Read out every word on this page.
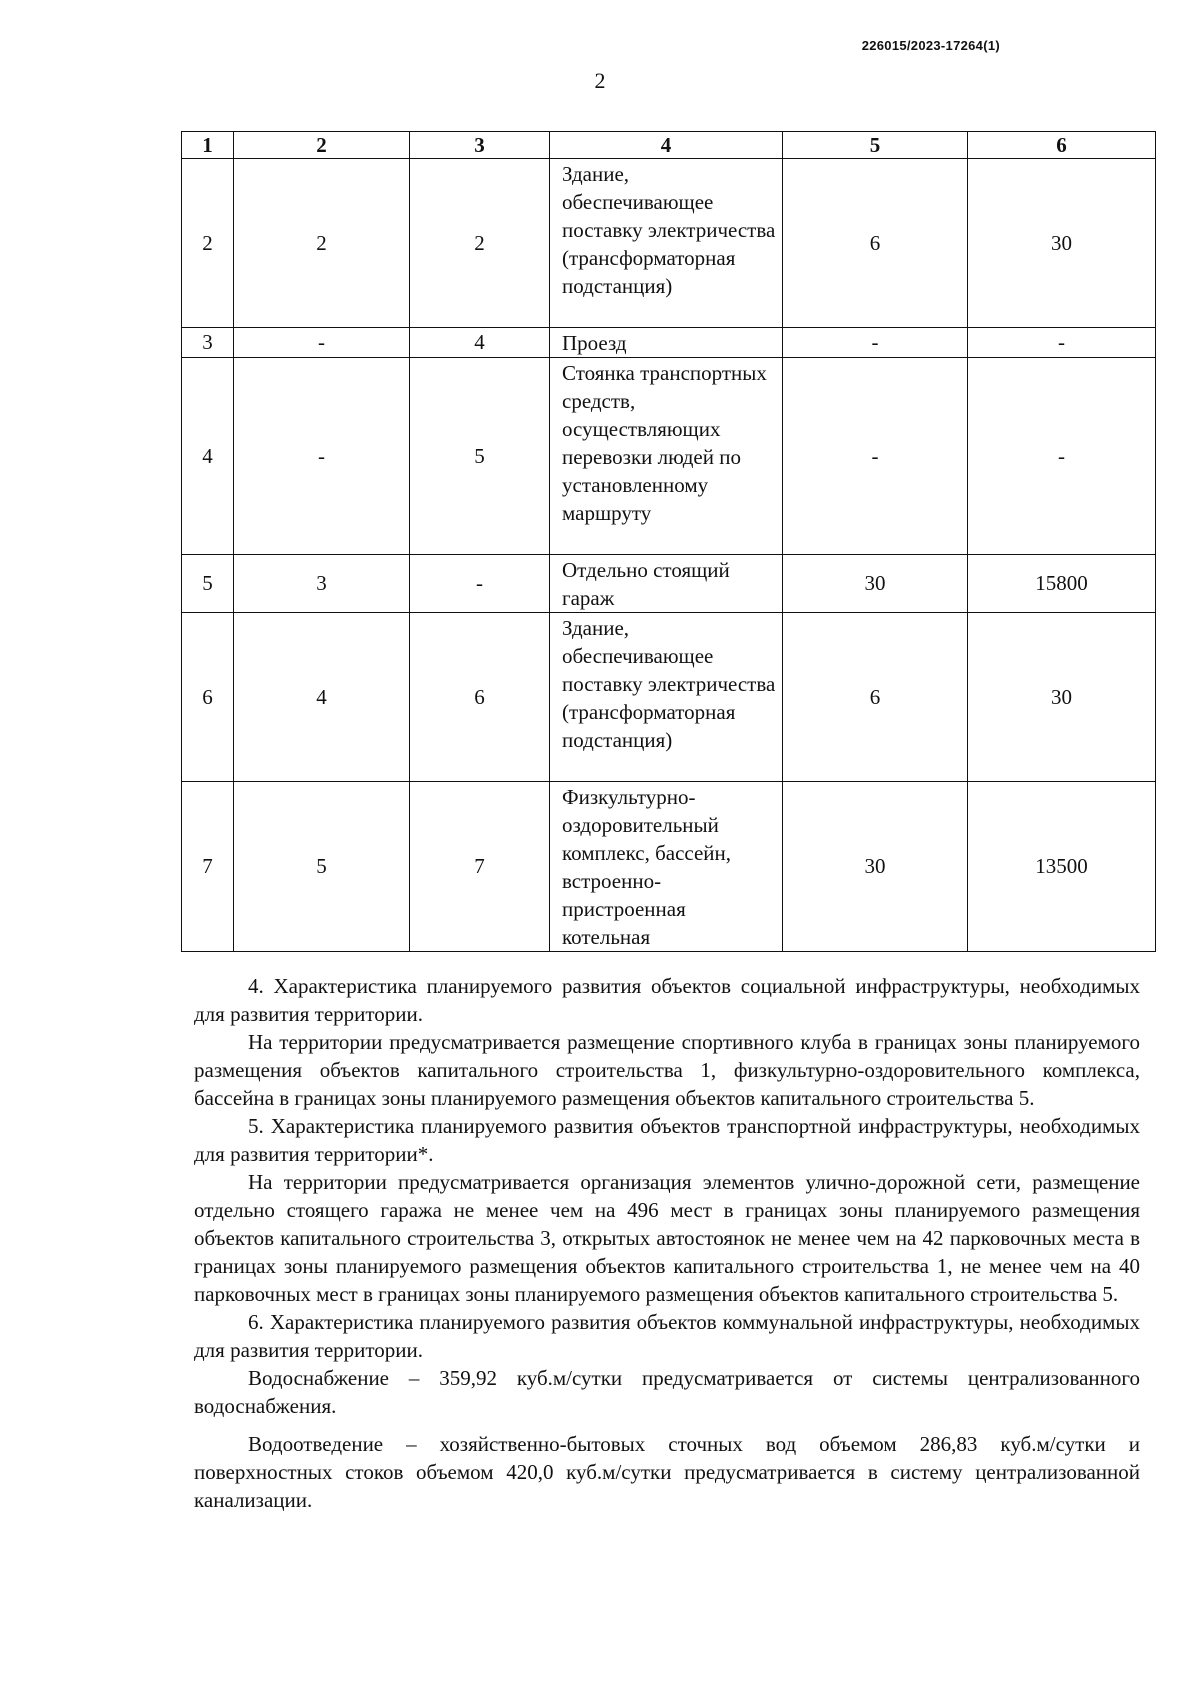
226015/2023-17264(1)
2
1	2	3	4	5	6
2	2	2	Здание, обеспечивающее поставку электричества (трансформаторная подстанция)	6	30
3	-	4	Проезд	-	-
4	-	5	Стоянка транспортных средств, осуществляющих перевозки людей по установленному маршруту	-	-
5	3	-	Отдельно стоящий гараж	30	15800
6	4	6	Здание, обеспечивающее поставку электричества (трансформаторная подстанция)	6	30
7	5	7	Физкультурно-оздоровительный комплекс, бассейн, встроенно-пристроенная котельная	30	13500

4. Характеристика планируемого развития объектов социальной инфраструктуры, необходимых для развития территории.

На территории предусматривается размещение спортивного клуба в границах зоны планируемого размещения объектов капитального строительства 1, физкультурно-оздоровительного комплекса, бассейна в границах зоны планируемого размещения объектов капитального строительства 5.

5. Характеристика планируемого развития объектов транспортной инфраструктуры, необходимых для развития территории*.

На территории предусматривается организация элементов улично-дорожной сети, размещение отдельно стоящего гаража не менее чем на 496 мест в границах зоны планируемого размещения объектов капитального строительства 3, открытых автостоянок не менее чем на 42 парковочных места в границах зоны планируемого размещения объектов капитального строительства 1, не менее чем на 40 парковочных мест в границах зоны планируемого размещения объектов капитального строительства 5.

6. Характеристика планируемого развития объектов коммунальной инфраструктуры, необходимых для развития территории.

Водоснабжение – 359,92 куб.м/сутки предусматривается от системы централизованного водоснабжения.

Водоотведение – хозяйственно-бытовых сточных вод объемом 286,83 куб.м/сутки и поверхностных стоков объемом 420,0 куб.м/сутки предусматривается в систему централизованной канализации.
